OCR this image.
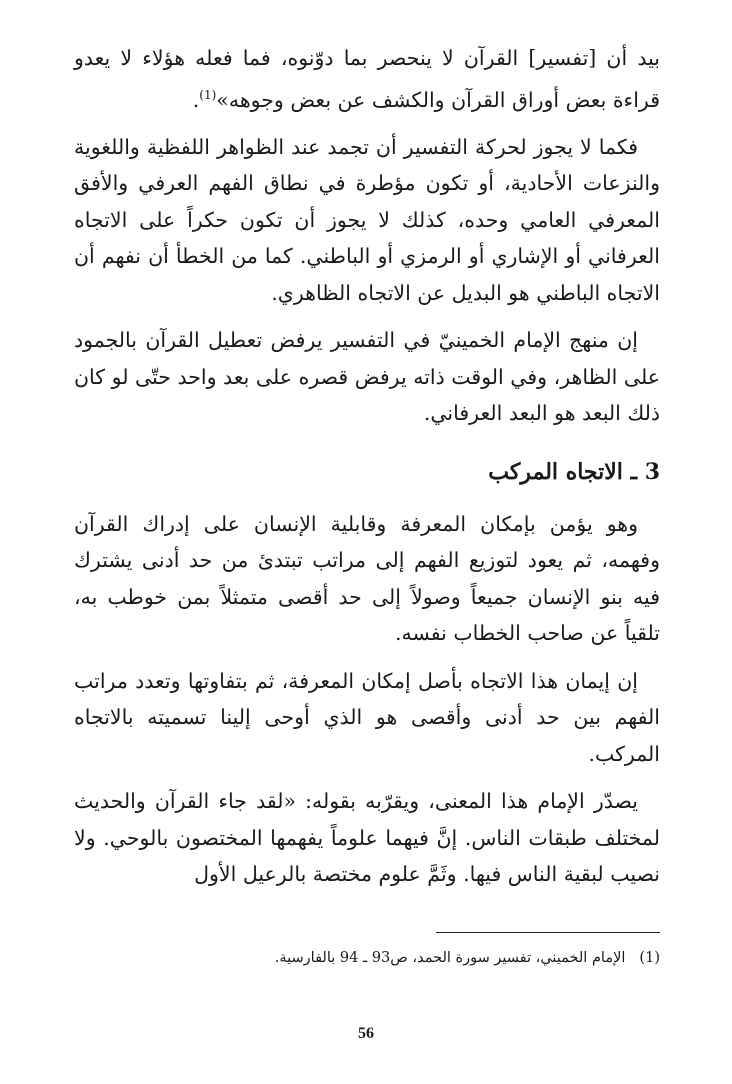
بيد أن [تفسير] القرآن لا ينحصر بما دوّنوه، فما فعله هؤلاء لا يعدو قراءة بعض أوراق القرآن والكشف عن بعض وجوهه»$^{(1)}$.

فكما لا يجوز لحركة التفسير أن تجمد عند الظواهر اللفظية واللغوية والنزعات الأحادية، أو تكون مؤطرة في نطاق الفهم العرفي والأفق المعرفي العامي وحده، كذلك لا يجوز أن تكون حكراً على الاتجاه العرفاني أو الإشاري أو الرمزي أو الباطني. كما من الخطأ أن نفهم أن الاتجاه الباطني هو البديل عن الاتجاه الظاهري.

إن منهج الإمام الخمينيّ في التفسير يرفض تعطيل القرآن بالجمود على الظاهر، وفي الوقت ذاته يرفض قصره على بعد واحد حتّى لو كان ذلك البعد هو البعد العرفاني.

3 ـ الاتجاه المركب

وهو يؤمن بإمكان المعرفة وقابلية الإنسان على إدراك القرآن وفهمه، ثم يعود لتوزيع الفهم إلى مراتب تبتدئ من حد أدنى يشترك فيه بنو الإنسان جميعاً وصولاً إلى حد أقصى متمثلاً بمن خوطب به، تلقياً عن صاحب الخطاب نفسه.

إن إيمان هذا الاتجاه بأصل إمكان المعرفة، ثم بتفاوتها وتعدد مراتب الفهم بين حد أدنى وأقصى هو الذي أوحى إلينا تسميته بالاتجاه المركب.

يصدّر الإمام هذا المعنى، ويقرّبه بقوله: «لقد جاء القرآن والحديث لمختلف طبقات الناس. إنَّ فيهما علوماً يفهمها المختصون بالوحي. ولا نصيب لبقية الناس فيها. وثَمَّ علوم مختصة بالرعيل الأول

(1)الإمام الخميني، تفسير سورة الحمد، ص93 ـ 94 بالفارسية.
56
